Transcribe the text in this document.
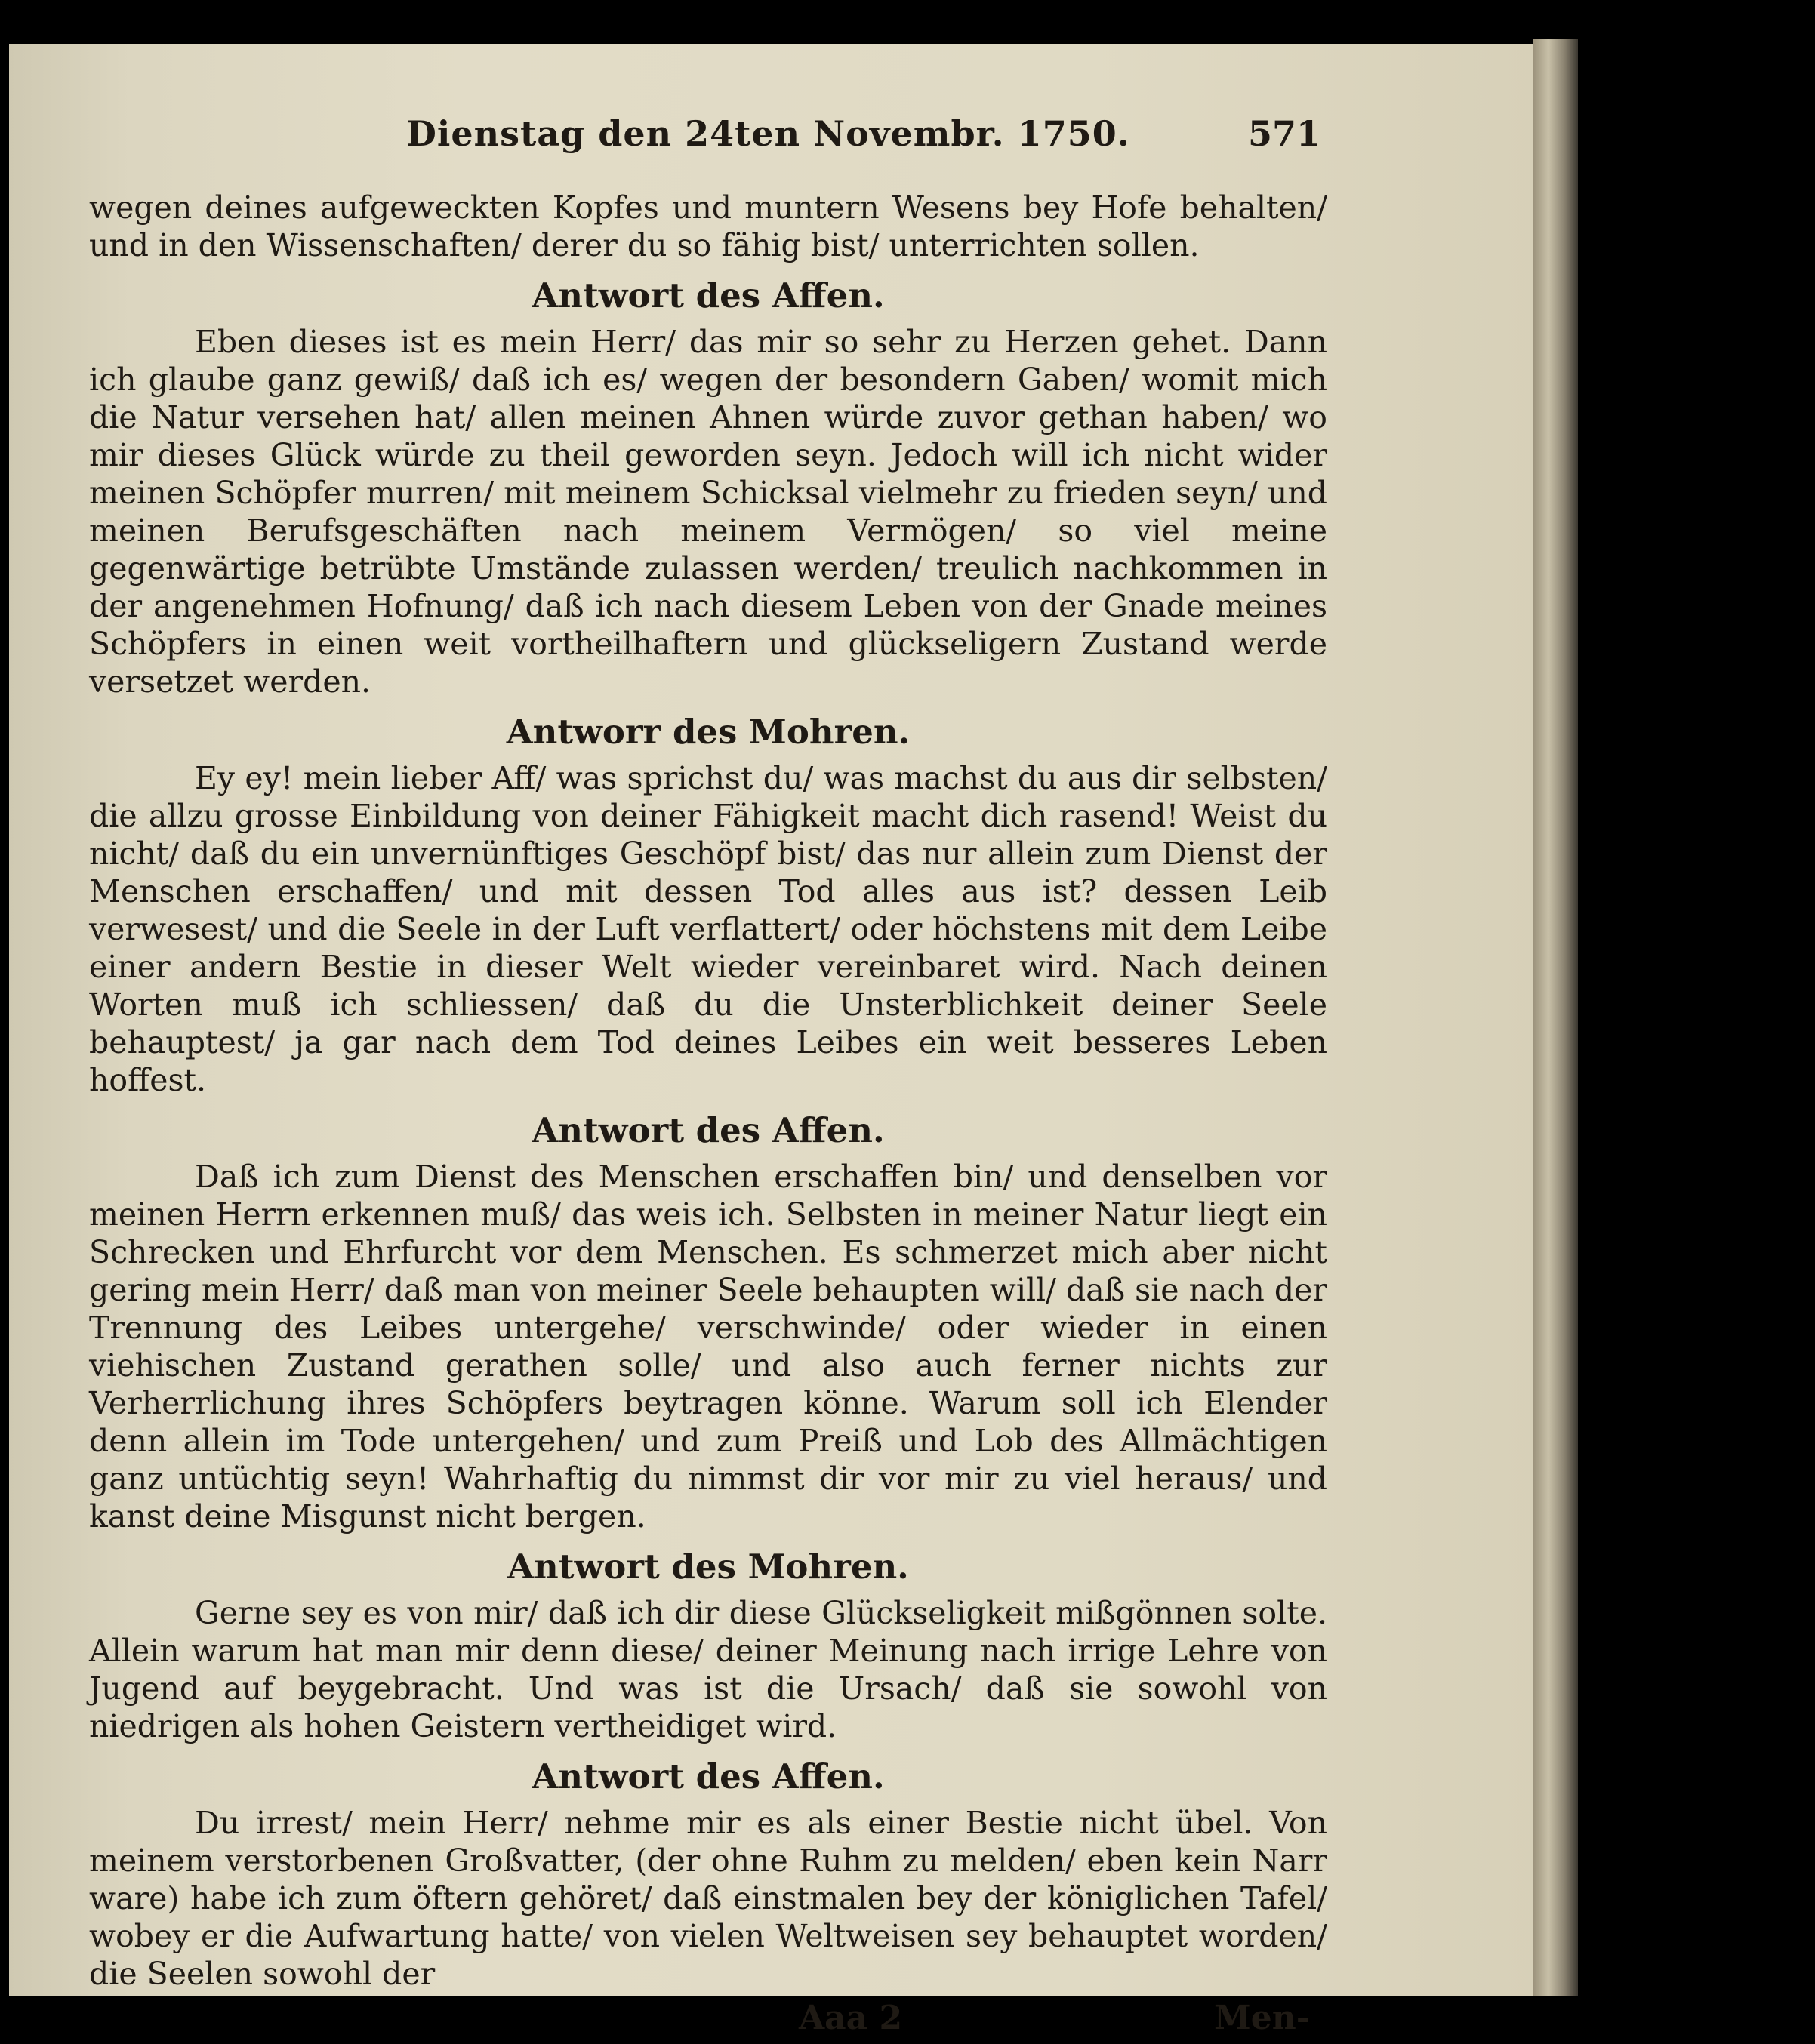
Dienstag den 24ten Novembr. 1750.	571

wegen deines aufgeweckten Kopfes und muntern Wesens bey Hofe behalten/ und in den Wissenschaften/ derer du so fähig bist/ unterrichten sollen.

Antwort des Affen.

Eben dieses ist es mein Herr/ das mir so sehr zu Herzen gehet. Dann ich glaube ganz gewiß/ daß ich es/ wegen der besondern Gaben/ womit mich die Natur versehen hat/ allen meinen Ahnen würde zuvor gethan haben/ wo mir dieses Glück würde zu theil geworden seyn. Jedoch will ich nicht wider meinen Schöpfer murren/ mit meinem Schicksal vielmehr zu frieden seyn/ und meinen Berufsgeschäften nach meinem Vermögen/ so viel meine gegenwärtige betrübte Umstände zulassen werden/ treulich nachkommen in der angenehmen Hofnung/ daß ich nach diesem Leben von der Gnade meines Schöpfers in einen weit vortheilhaftern und glückseligern Zustand werde versetzet werden.

Antworr des Mohren.

Ey ey! mein lieber Aff/ was sprichst du/ was machst du aus dir selbsten/ die allzu grosse Einbildung von deiner Fähigkeit macht dich rasend! Weist du nicht/ daß du ein unvernünftiges Geschöpf bist/ das nur allein zum Dienst der Menschen erschaffen/ und mit dessen Tod alles aus ist? dessen Leib verwesest/ und die Seele in der Luft verflattert/ oder höchstens mit dem Leibe einer andern Bestie in dieser Welt wieder vereinbaret wird. Nach deinen Worten muß ich schliessen/ daß du die Unsterblichkeit deiner Seele behauptest/ ja gar nach dem Tod deines Leibes ein weit besseres Leben hoffest.

Antwort des Affen.

Daß ich zum Dienst des Menschen erschaffen bin/ und denselben vor meinen Herrn erkennen muß/ das weis ich. Selbsten in meiner Natur liegt ein Schrecken und Ehrfurcht vor dem Menschen. Es schmerzet mich aber nicht gering mein Herr/ daß man von meiner Seele behaupten will/ daß sie nach der Trennung des Leibes untergehe/ verschwinde/ oder wieder in einen viehischen Zustand gerathen solle/ und also auch ferner nichts zur Verherrlichung ihres Schöpfers beytragen könne. Warum soll ich Elender denn allein im Tode untergehen/ und zum Preiß und Lob des Allmächtigen ganz untüchtig seyn! Wahrhaftig du nimmst dir vor mir zu viel heraus/ und kanst deine Misgunst nicht bergen.

Antwort des Mohren.

Gerne sey es von mir/ daß ich dir diese Glückseligkeit mißgönnen solte. Allein warum hat man mir denn diese/ deiner Meinung nach irrige Lehre von Jugend auf beygebracht. Und was ist die Ursach/ daß sie sowohl von niedrigen als hohen Geistern vertheidiget wird.

Antwort des Affen.

Du irrest/ mein Herr/ nehme mir es als einer Bestie nicht übel. Von meinem verstorbenen Großvatter, (der ohne Ruhm zu melden/ eben kein Narr ware) habe ich zum öftern gehöret/ daß einstmalen bey der königlichen Tafel/ wobey er die Aufwartung hatte/ von vielen Weltweisen sey behauptet worden/ die Seelen sowohl der

Aaa 2	Men-
